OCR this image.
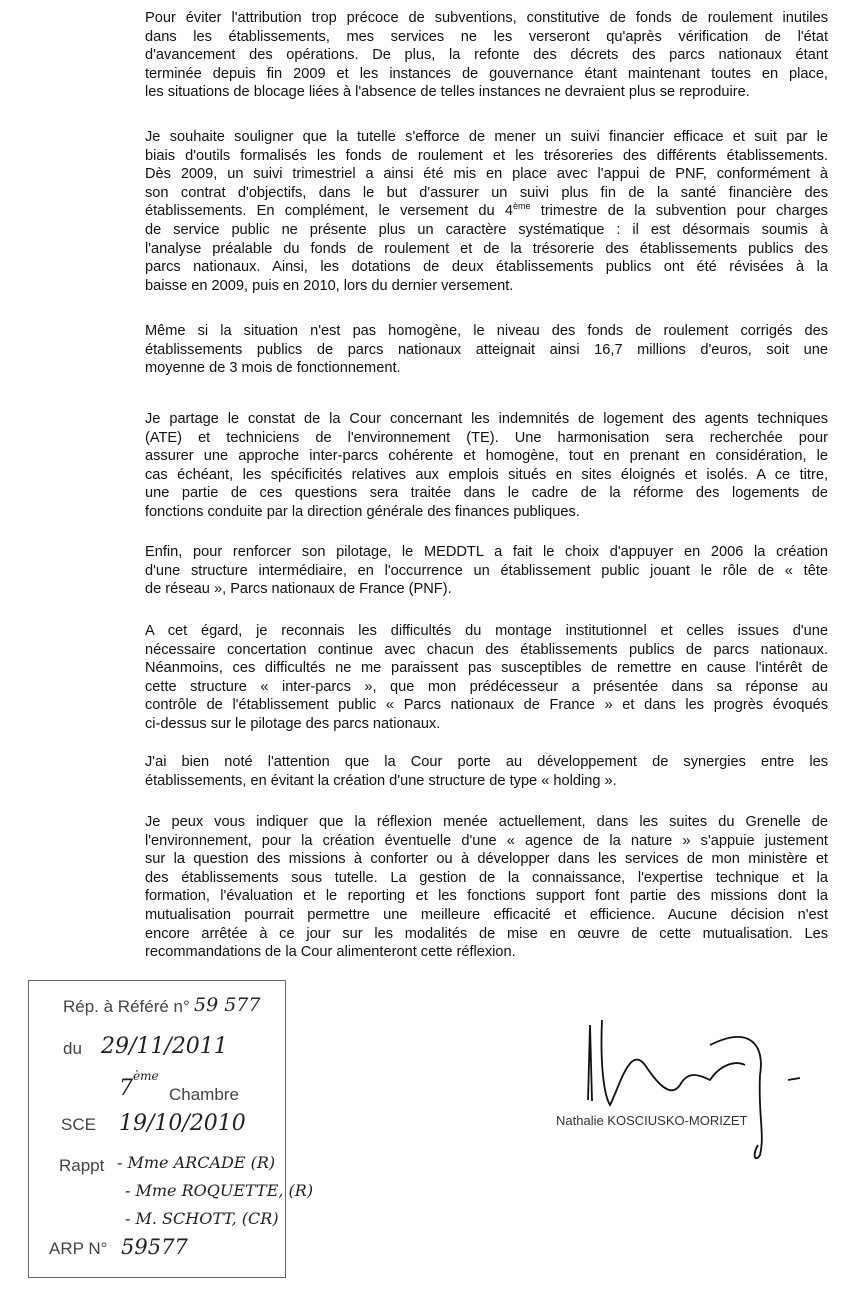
Pour éviter l'attribution trop précoce de subventions, constitutive de fonds de roulement inutiles
dans les établissements, mes services ne les verseront qu'après vérification de l'état
d'avancement des opérations. De plus, la refonte des décrets des parcs nationaux étant
terminée depuis fin 2009 et les instances de gouvernance étant maintenant toutes en place,
les situations de blocage liées à l'absence de telles instances ne devraient plus se reproduire.
Je souhaite souligner que la tutelle s'efforce de mener un suivi financier efficace et suit par le
biais d'outils formalisés les fonds de roulement et les trésoreries des différents établissements.
Dès 2009, un suivi trimestriel a ainsi été mis en place avec l'appui de PNF, conformément à
son contrat d'objectifs, dans le but d'assurer un suivi plus fin de la santé financière des
établissements. En complément, le versement du 4ème trimestre de la subvention pour charges
de service public ne présente plus un caractère systématique : il est désormais soumis à
l'analyse préalable du fonds de roulement et de la trésorerie des établissements publics des
parcs nationaux. Ainsi, les dotations de deux établissements publics ont été révisées à la
baisse en 2009, puis en 2010, lors du dernier versement.
Même si la situation n'est pas homogène, le niveau des fonds de roulement corrigés des
établissements publics de parcs nationaux atteignait ainsi 16,7 millions d'euros, soit une
moyenne de 3 mois de fonctionnement.
Je partage le constat de la Cour concernant les indemnités de logement des agents techniques
(ATE) et techniciens de l'environnement (TE). Une harmonisation sera recherchée pour
assurer une approche inter-parcs cohérente et homogène, tout en prenant en considération, le
cas échéant, les spécificités relatives aux emplois situés en sites éloignés et isolés. A ce titre,
une partie de ces questions sera traitée dans le cadre de la réforme des logements de
fonctions conduite par la direction générale des finances publiques.
Enfin, pour renforcer son pilotage, le MEDDTL a fait le choix d'appuyer en 2006 la création
d'une structure intermédiaire, en l'occurrence un établissement public jouant le rôle de « tête
de réseau », Parcs nationaux de France (PNF).
A cet égard, je reconnais les difficultés du montage institutionnel et celles issues d'une
nécessaire concertation continue avec chacun des établissements publics de parcs nationaux.
Néanmoins, ces difficultés ne me paraissent pas susceptibles de remettre en cause l'intérêt de
cette structure « inter-parcs », que mon prédécesseur a présentée dans sa réponse au
contrôle de l'établissement public « Parcs nationaux de France » et dans les progrès évoqués
ci-dessus sur le pilotage des parcs nationaux.
J'ai bien noté l'attention que la Cour porte au développement de synergies entre les
établissements, en évitant la création d'une structure de type « holding ».
Je peux vous indiquer que la réflexion menée actuellement, dans les suites du Grenelle de
l'environnement, pour la création éventuelle d'une « agence de la nature » s'appuie justement
sur la question des missions à conforter ou à développer dans les services de mon ministère et
des établissements sous tutelle. La gestion de la connaissance, l'expertise technique et la
formation, l'évaluation et le reporting et les fonctions support font partie des missions dont la
mutualisation pourrait permettre une meilleure efficacité et efficience. Aucune décision n'est
encore arrêtée à ce jour sur les modalités de mise en œuvre de cette mutualisation. Les
recommandations de la Cour alimenteront cette réflexion.
Rép. à Référé n° 59 577
du 29/11/2011
7 ème
Chambre
SCE 19/10/2010
Rappt - Mme ARCADE (R)
- Mme ROQUETTE, (R)
- M. SCHOTT, (CR)
ARP N° 59577
Nathalie KOSCIUSKO-MORIZET
